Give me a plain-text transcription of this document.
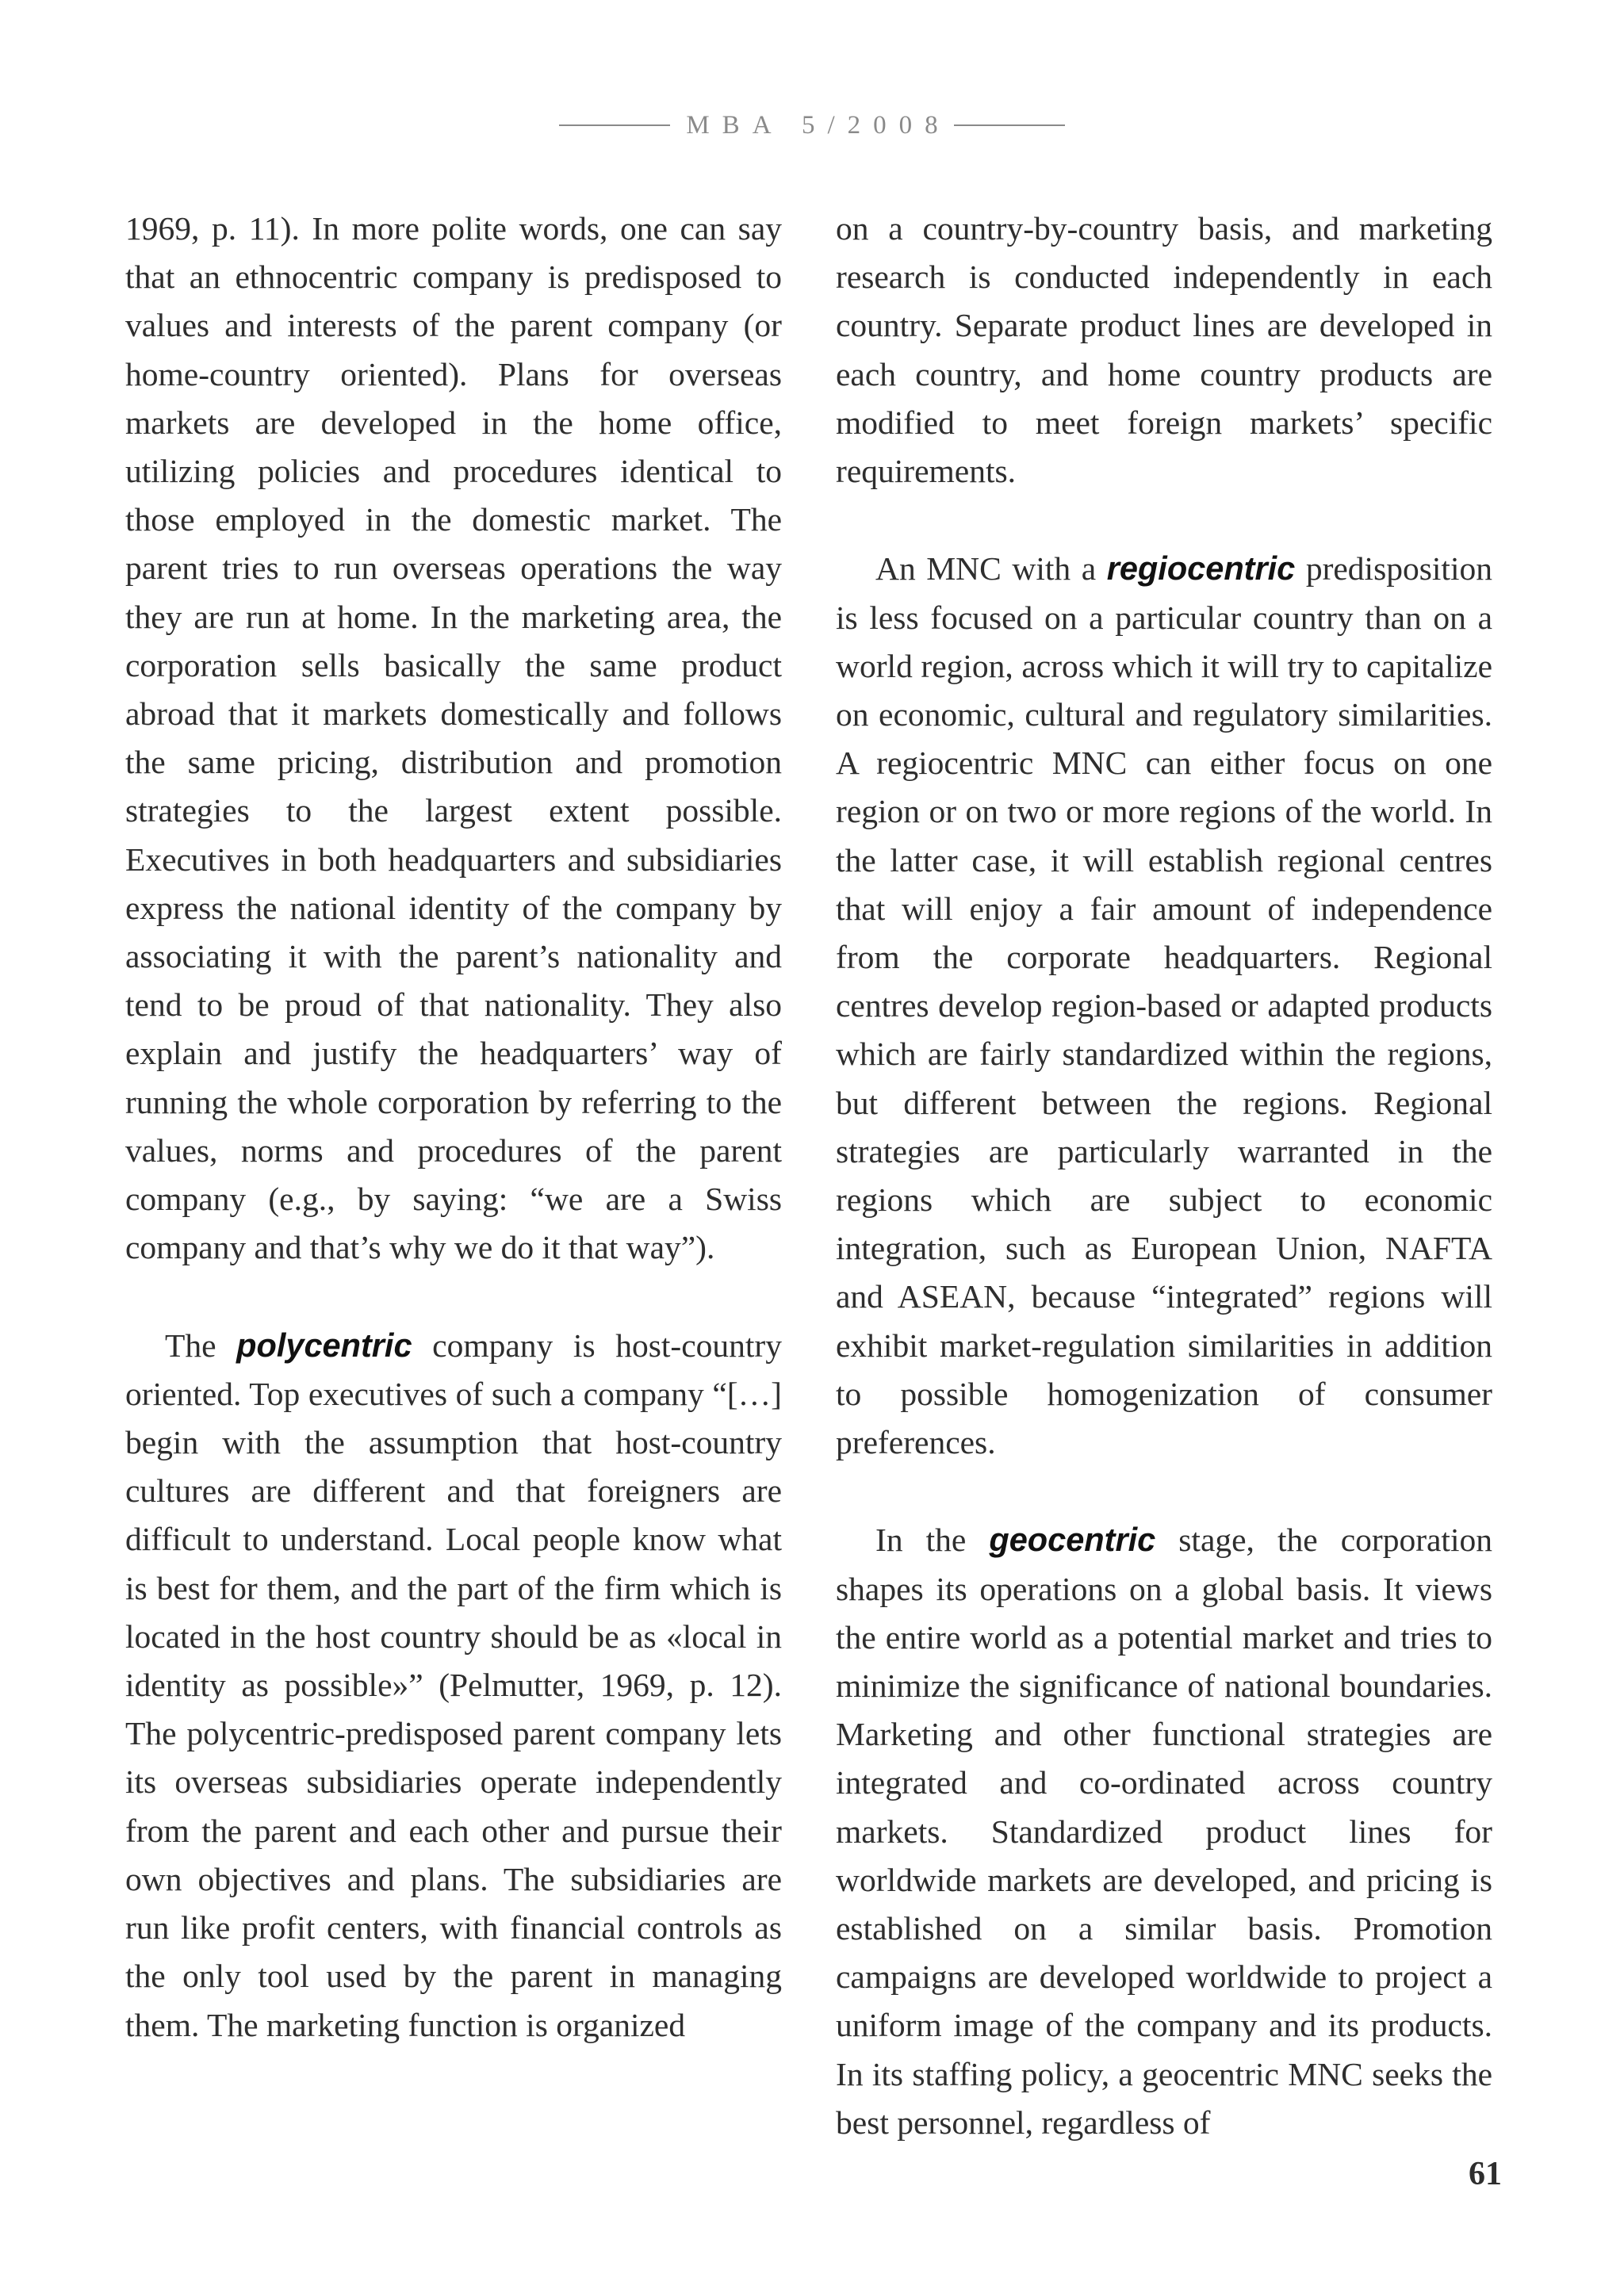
MBA 5/2008

1969, p. 11). In more polite words, one can say that an ethnocentric company is predisposed to values and interests of the parent company (or home-country oriented). Plans for overseas markets are developed in the home office, utilizing policies and procedures identical to those employed in the domestic market. The parent tries to run overseas operations the way they are run at home. In the marketing area, the corporation sells basically the same product abroad that it markets domestically and follows the same pricing, distribution and promotion strategies to the largest extent possible. Executives in both headquarters and subsidiaries express the national identity of the company by associating it with the parent’s nationality and tend to be proud of that nationality. They also explain and justify the headquarters’ way of running the whole corporation by referring to the values, norms and procedures of the parent company (e.g., by saying: “we are a Swiss company and that’s why we do it that way”).

The polycentric company is host-country oriented. Top executives of such a company “[…] begin with the assumption that host-country cultures are different and that foreigners are difficult to understand. Local people know what is best for them, and the part of the firm which is located in the host country should be as «local in identity as possible»” (Pelmutter, 1969, p. 12). The polycentric-predisposed parent company lets its overseas subsidiaries operate independently from the parent and each other and pursue their own objectives and plans. The subsidiaries are run like profit centers, with financial controls as the only tool used by the parent in managing them. The marketing function is organized

on a country-by-country basis, and marketing research is conducted independently in each country. Separate product lines are developed in each country, and home country products are modified to meet foreign markets’ specific requirements.

An MNC with a regiocentric predisposition is less focused on a particular country than on a world region, across which it will try to capitalize on economic, cultural and regulatory similarities. A regiocentric MNC can either focus on one region or on two or more regions of the world. In the latter case, it will establish regional centres that will enjoy a fair amount of independence from the corporate headquarters. Regional centres develop region-based or adapted products which are fairly standardized within the regions, but different between the regions. Regional strategies are particularly warranted in the regions which are subject to economic integration, such as European Union, NAFTA and ASEAN, because “integrated” regions will exhibit market-regulation similarities in addition to possible homogenization of consumer preferences.

In the geocentric stage, the corporation shapes its operations on a global basis. It views the entire world as a potential market and tries to minimize the significance of national boundaries. Marketing and other functional strategies are integrated and co-ordinated across country markets. Standardized product lines for worldwide markets are developed, and pricing is established on a similar basis. Promotion campaigns are developed worldwide to project a uniform image of the company and its products. In its staffing policy, a geocentric MNC seeks the best personnel, regardless of

61
